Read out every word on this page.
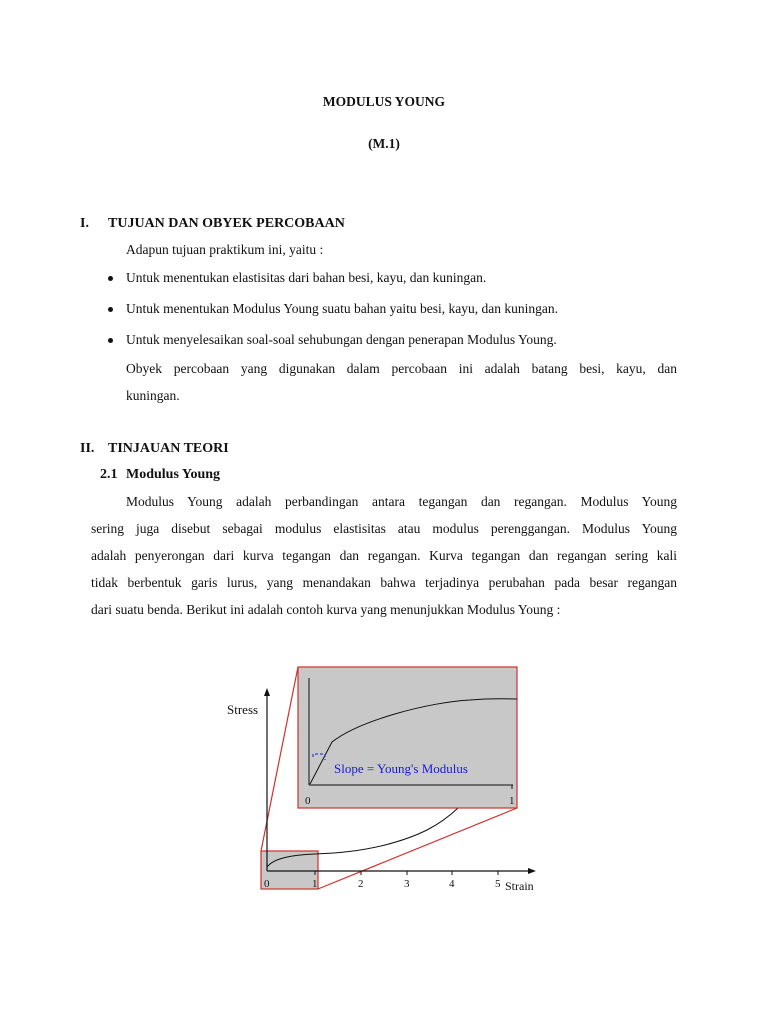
MODULUS YOUNG
(M.1)
I. TUJUAN DAN OBYEK PERCOBAAN
Adapun tujuan praktikum ini, yaitu :
Untuk menentukan elastisitas dari bahan besi, kayu, dan kuningan.
Untuk menentukan Modulus Young suatu bahan yaitu besi, kayu, dan kuningan.
Untuk menyelesaikan soal-soal sehubungan dengan penerapan Modulus Young.
Obyek percobaan yang digunakan dalam percobaan ini adalah batang besi, kayu, dan
kuningan.
II. TINJAUAN TEORI
2.1 Modulus Young
Modulus Young adalah perbandingan antara tegangan dan regangan. Modulus Young
sering juga disebut sebagai modulus elastisitas atau modulus perenggangan. Modulus Young
adalah penyerongan dari kurva tegangan dan regangan. Kurva tegangan dan regangan sering kali
tidak berbentuk garis lurus, yang menandakan bahwa terjadinya perubahan pada besar regangan
dari suatu benda. Berikut ini adalah contoh kurva yang menunjukkan Modulus Young :
Stress
Strain
0	1	2	3	4	5
Slope = Young's Modulus
0	1
